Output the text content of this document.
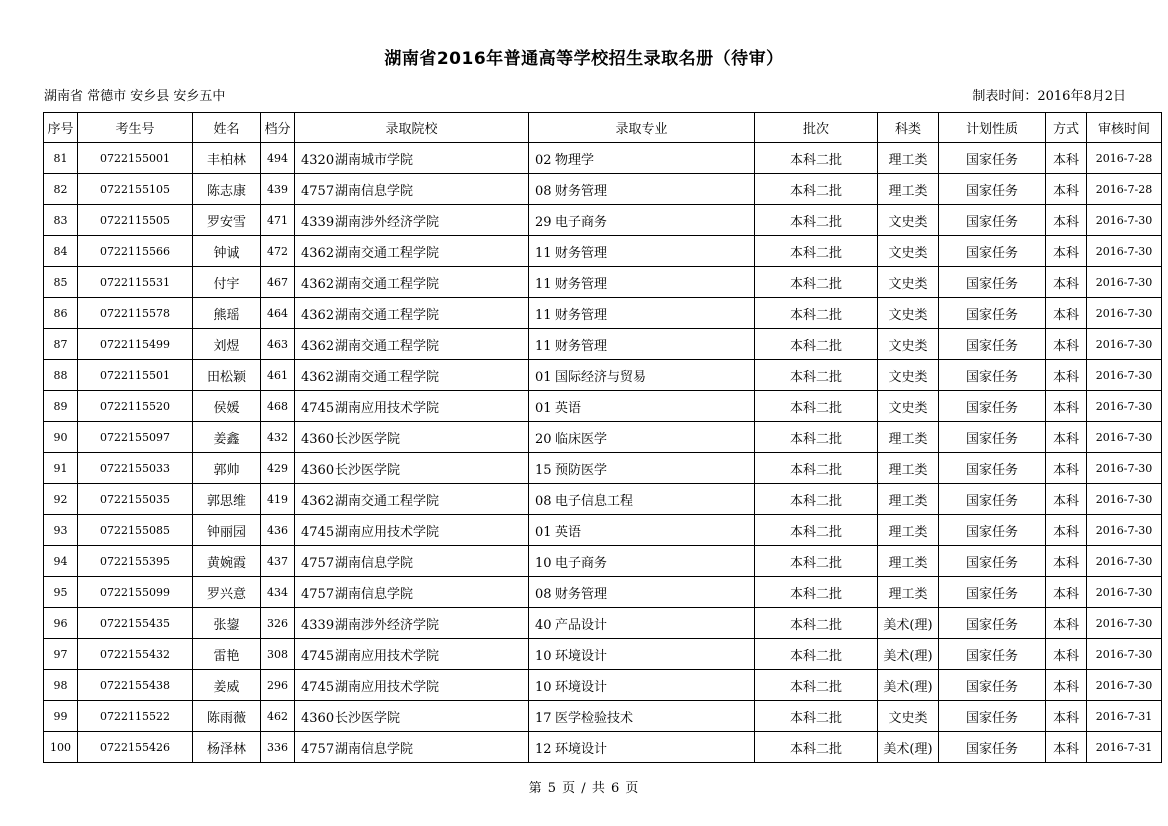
湖南省2016年普通高等学校招生录取名册（待审）
湖南省 常德市 安乡县 安乡五中	制表时间：2016年8月2日
序号	考生号	姓名	档分	录取院校	录取专业	批次	科类	计划性质	方式	审核时间
81	0722155001	丰柏林	494	4320湖南城市学院	02 物理学	本科二批	理工类	国家任务	本科	2016-7-28
82	0722155105	陈志康	439	4757湖南信息学院	08 财务管理	本科二批	理工类	国家任务	本科	2016-7-28
83	0722115505	罗安雪	471	4339湖南涉外经济学院	29 电子商务	本科二批	文史类	国家任务	本科	2016-7-30
84	0722115566	钟诚	472	4362湖南交通工程学院	11 财务管理	本科二批	文史类	国家任务	本科	2016-7-30
85	0722115531	付宇	467	4362湖南交通工程学院	11 财务管理	本科二批	文史类	国家任务	本科	2016-7-30
86	0722115578	熊瑶	464	4362湖南交通工程学院	11 财务管理	本科二批	文史类	国家任务	本科	2016-7-30
87	0722115499	刘煜	463	4362湖南交通工程学院	11 财务管理	本科二批	文史类	国家任务	本科	2016-7-30
88	0722115501	田松颖	461	4362湖南交通工程学院	01 国际经济与贸易	本科二批	文史类	国家任务	本科	2016-7-30
89	0722115520	侯媛	468	4745湖南应用技术学院	01 英语	本科二批	文史类	国家任务	本科	2016-7-30
90	0722155097	姜鑫	432	4360长沙医学院	20 临床医学	本科二批	理工类	国家任务	本科	2016-7-30
91	0722155033	郭帅	429	4360长沙医学院	15 预防医学	本科二批	理工类	国家任务	本科	2016-7-30
92	0722155035	郭思维	419	4362湖南交通工程学院	08 电子信息工程	本科二批	理工类	国家任务	本科	2016-7-30
93	0722155085	钟丽园	436	4745湖南应用技术学院	01 英语	本科二批	理工类	国家任务	本科	2016-7-30
94	0722155395	黄婉霞	437	4757湖南信息学院	10 电子商务	本科二批	理工类	国家任务	本科	2016-7-30
95	0722155099	罗兴意	434	4757湖南信息学院	08 财务管理	本科二批	理工类	国家任务	本科	2016-7-30
96	0722155435	张鋆	326	4339湖南涉外经济学院	40 产品设计	本科二批	美术(理)	国家任务	本科	2016-7-30
97	0722155432	雷艳	308	4745湖南应用技术学院	10 环境设计	本科二批	美术(理)	国家任务	本科	2016-7-30
98	0722155438	姜威	296	4745湖南应用技术学院	10 环境设计	本科二批	美术(理)	国家任务	本科	2016-7-30
99	0722115522	陈雨薇	462	4360长沙医学院	17 医学检验技术	本科二批	文史类	国家任务	本科	2016-7-31
100	0722155426	杨泽林	336	4757湖南信息学院	12 环境设计	本科二批	美术(理)	国家任务	本科	2016-7-31
第 5 页 / 共 6 页
